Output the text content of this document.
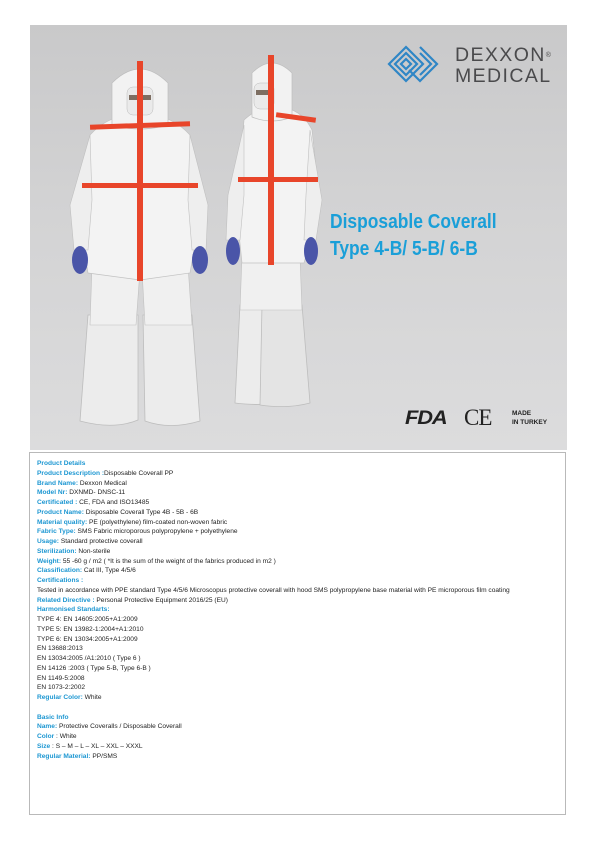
DEXXON®
MEDICAL
Disposable Coverall
Type 4-B/ 5-B/ 6-B
FDA CE	MADE
IN TURKEY
Product Details
Product Description :Disposable Coverall PP
Brand Name: Dexxon Medical
Model Nr: DXNMD- DNSC-11
Certificated : CE, FDA and ISO13485
Product Name: Disposable Coverall Type 4B - 5B - 6B
Material quality: PE (polyethylene) film-coated non-woven fabric
Fabric Type: SMS Fabric microporous polypropylene + polyethylene
Usage: Standard protective coverall
Sterilization: Non-sterile
Weight: 55 -60 g / m2 ( *It is the sum of the weight of the fabrics produced in m2 )
Classification: Cat III, Type 4/5/6
Certifications :
Tested in accordance with PPE standard Type 4/5/6 Microscopus protective coverall with hood SMS polypropylene base material with PE microporous film coating
Related Directive : Personal Protective Equipment 2016/25 (EU)
Harmonised Standarts:
TYPE 4: EN 14605:2005+A1:2009
TYPE 5: EN 13982-1:2004+A1:2010
TYPE 6: EN 13034:2005+A1:2009
EN 13688:2013
EN 13034:2005 /A1:2010 ( Type 6 )
EN 14126 :2003 ( Type 5-B, Type 6-B )
EN 1149-5:2008
EN 1073-2:2002
Regular Color: White
Basic Info
Name: Protective Coveralls / Disposable Coverall
Color : White
Size : S – M – L – XL – XXL – XXXL
Regular Material: PP/SMS
